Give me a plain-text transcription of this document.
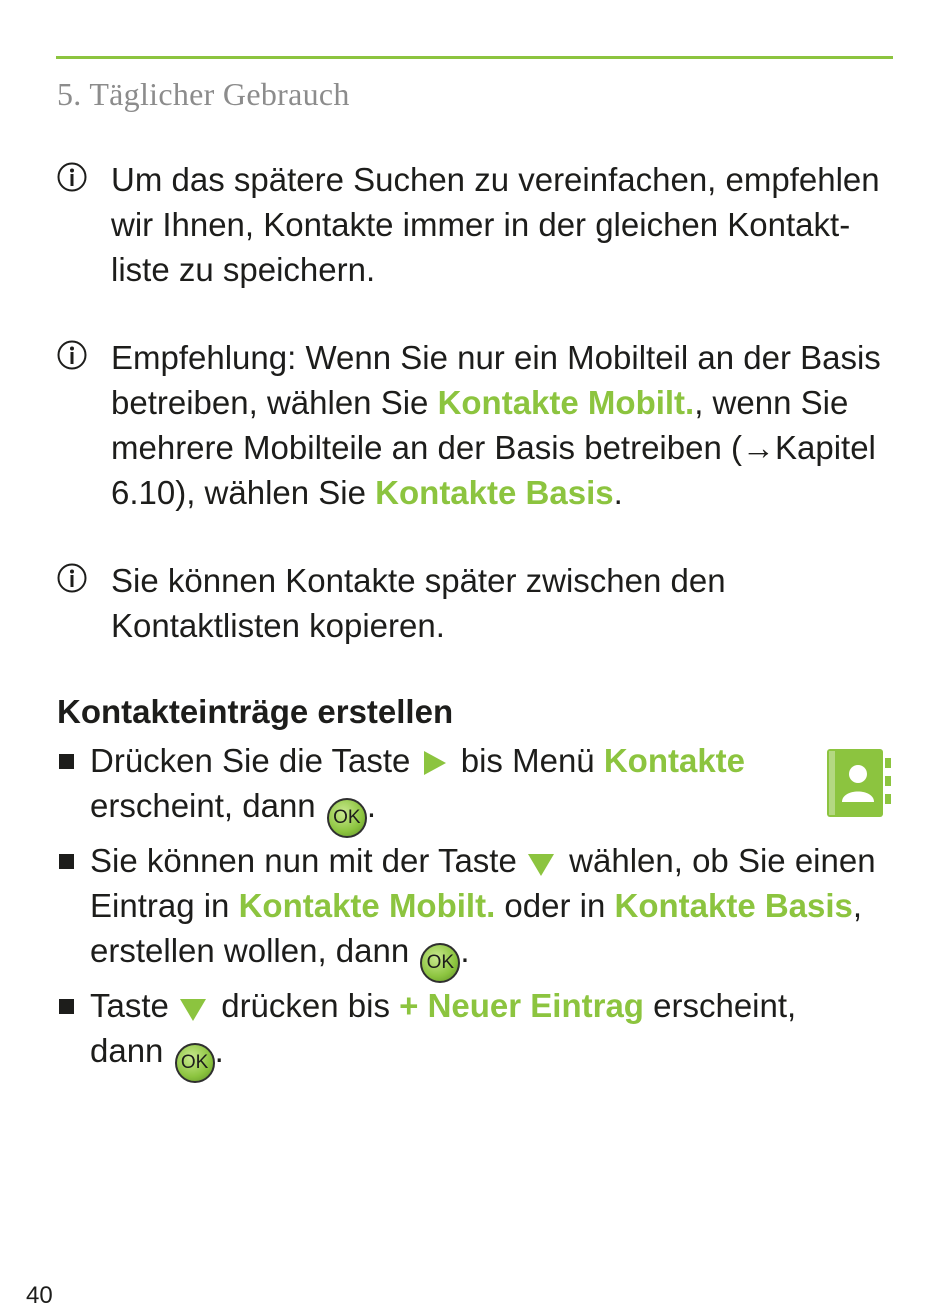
5. Täglicher Gebrauch
Um das spätere Suchen zu vereinfachen, empfehlen wir Ihnen, Kontakte immer in der gleichen Kontakt-liste zu speichern.
Empfehlung: Wenn Sie nur ein Mobilteil an der Basis betreiben, wählen Sie Kontakte Mobilt., wenn Sie mehrere Mobilteile an der Basis betreiben (→Kapitel 6.10), wählen Sie Kontakte Basis.
Sie können Kontakte später zwischen den Kontaktlisten kopieren.
Kontakteinträge erstellen
Drücken Sie die Taste  bis Menü Kontakte
erscheint, dann OK .
Sie können nun mit der Taste  wählen, ob Sie einen Eintrag in Kontakte Mobilt. oder in Kontakte Basis, erstellen wollen, dann OK .
Taste  drücken bis + Neuer Eintrag erscheint, dann OK .
40
